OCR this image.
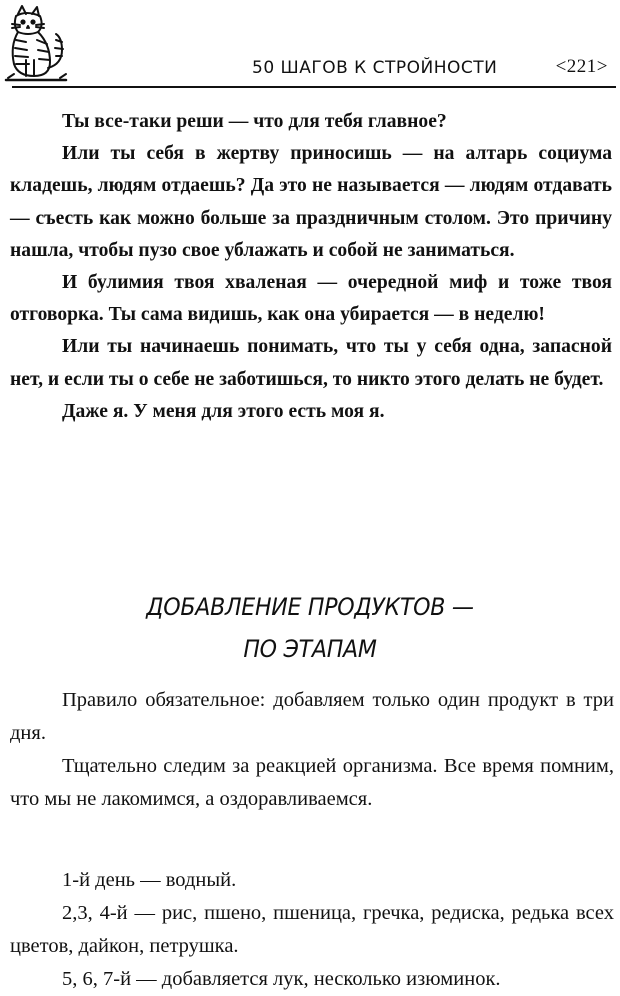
50 ШАГОВ К СТРОЙНОСТИ	<221>

Ты все-таки реши — что для тебя главное?

Или ты себя в жертву приносишь — на алтарь социума кладешь, людям отдаешь? Да это не называется — людям отдавать — съесть как можно больше за праздничным столом. Это причину нашла, чтобы пузо свое ублажать и собой не заниматься.

И булимия твоя хваленая — очередной миф и тоже твоя отговорка. Ты сама видишь, как она убирается — в неделю!

Или ты начинаешь понимать, что ты у себя одна, запасной нет, и если ты о себе не заботишься, то никто этого делать не будет.

Даже я. У меня для этого есть моя я.

ДОБАВЛЕНИЕ ПРОДУКТОВ —
ПО ЭТАПАМ

Правило обязательное: добавляем только один продукт в три дня.

Тщательно следим за реакцией организма. Все время помним, что мы не лакомимся, а оздоравливаемся.

1-й день — водный.

2,3, 4-й — рис, пшено, пшеница, гречка, редиска, редька всех цветов, дайкон, петрушка.

5, 6, 7-й — добавляется лук, несколько изюминок.
